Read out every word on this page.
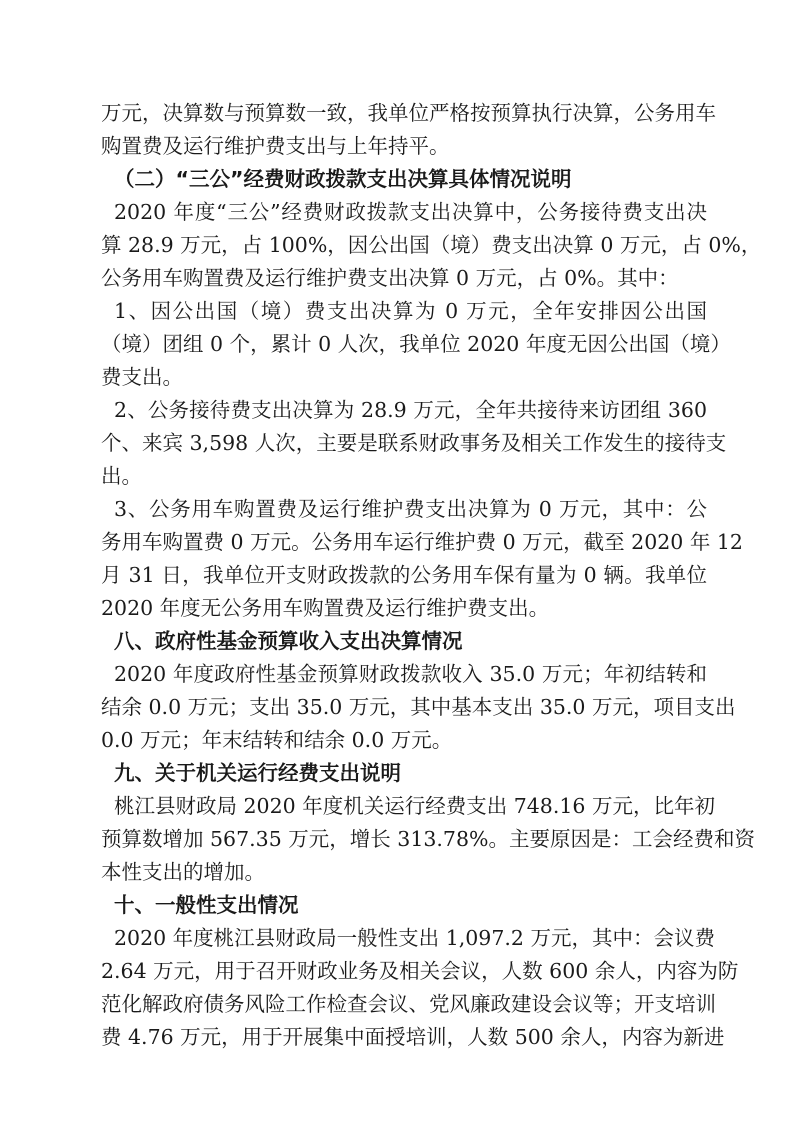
万元，决算数与预算数一致，我单位严格按预算执行决算，公务用车
购置费及运行维护费支出与上年持平。
（二）“三公”经费财政拨款支出决算具体情况说明
2020 年度“三公”经费财政拨款支出决算中，公务接待费支出决
算 28.9 万元，占 100%，因公出国（境）费支出决算 0 万元，占 0%，
公务用车购置费及运行维护费支出决算 0 万元，占 0%。其中：
1、因公出国（境）费支出决算为 0 万元，全年安排因公出国
（境）团组 0 个，累计 0 人次，我单位 2020 年度无因公出国（境）
费支出。
2、公务接待费支出决算为 28.9 万元，全年共接待来访团组 360
个、来宾 3,598 人次，主要是联系财政事务及相关工作发生的接待支
出。
3、公务用车购置费及运行维护费支出决算为 0 万元，其中：公
务用车购置费 0 万元。公务用车运行维护费 0 万元，截至 2020 年 12
月 31 日，我单位开支财政拨款的公务用车保有量为 0 辆。我单位
2020 年度无公务用车购置费及运行维护费支出。
八、政府性基金预算收入支出决算情况
2020 年度政府性基金预算财政拨款收入 35.0 万元；年初结转和
结余 0.0 万元；支出 35.0 万元，其中基本支出 35.0 万元，项目支出
0.0 万元；年末结转和结余 0.0 万元。
九、关于机关运行经费支出说明
桃江县财政局 2020 年度机关运行经费支出 748.16 万元，比年初
预算数增加 567.35 万元，增长 313.78%。主要原因是：工会经费和资
本性支出的增加。
十、一般性支出情况
2020 年度桃江县财政局一般性支出 1,097.2 万元，其中：会议费
2.64 万元，用于召开财政业务及相关会议，人数 600 余人，内容为防
范化解政府债务风险工作检查会议、党风廉政建设会议等；开支培训
费 4.76 万元，用于开展集中面授培训，人数 500 余人，内容为新进
